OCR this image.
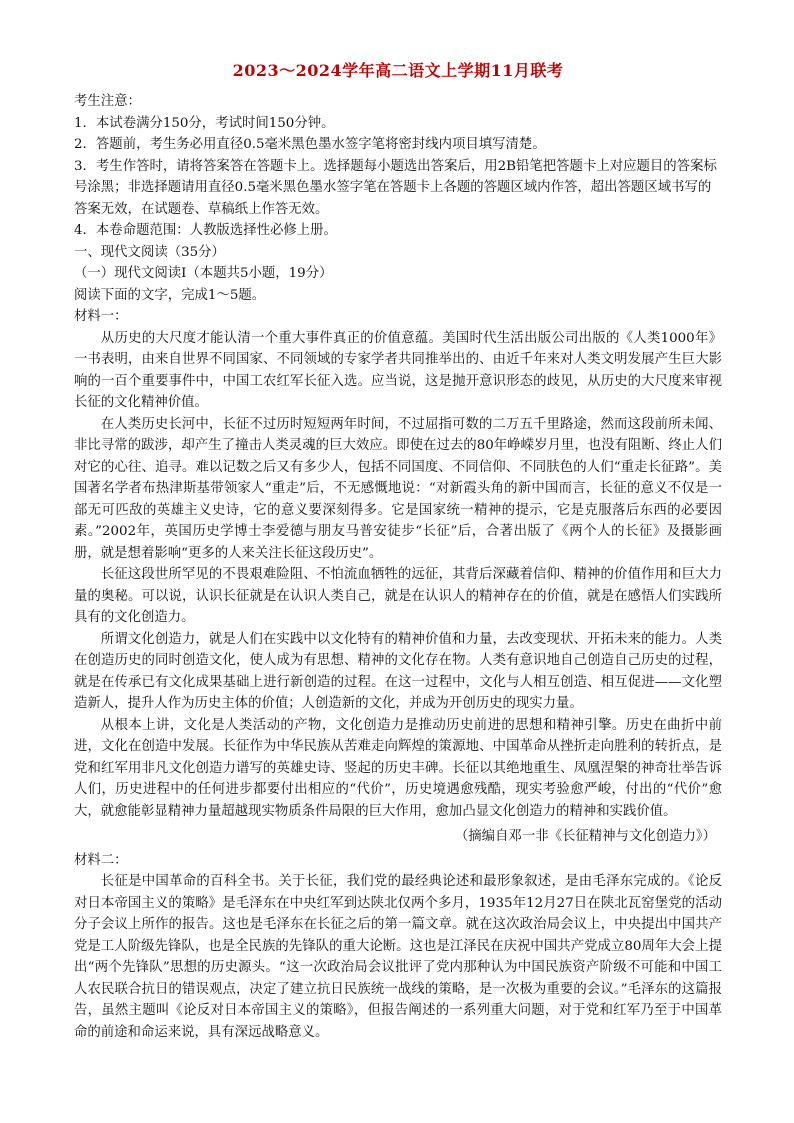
2023～2024学年高二语文上学期11月联考

考生注意：

1．本试卷满分150分，考试时间150分钟。

2．答题前，考生务必用直径0.5毫米黑色墨水签字笔将密封线内项目填写清楚。

3．考生作答时，请将答案答在答题卡上。选择题每小题选出答案后，用2B铅笔把答题卡上对应题目的答案标号涂黑；非选择题请用直径0.5毫米黑色墨水签字笔在答题卡上各题的答题区域内作答，超出答题区域书写的答案无效，在试题卷、草稿纸上作答无效。

4．本卷命题范围：人教版选择性必修上册。

一、现代文阅读（35分）

（一）现代文阅读Ⅰ（本题共5小题，19分）

阅读下面的文字，完成1～5题。

材料一：

从历史的大尺度才能认清一个重大事件真正的价值意蕴。美国时代生活出版公司出版的《人类1000年》一书表明，由来自世界不同国家、不同领域的专家学者共同推举出的、由近千年来对人类文明发展产生巨大影响的一百个重要事件中，中国工农红军长征入选。应当说，这是抛开意识形态的歧见，从历史的大尺度来审视长征的文化精神价值。

在人类历史长河中，长征不过历时短短两年时间，不过屈指可数的二万五千里路途，然而这段前所未闻、非比寻常的跋涉，却产生了撞击人类灵魂的巨大效应。即使在过去的80年峥嵘岁月里，也没有阻断、终止人们对它的心往、追寻。难以记数之后又有多少人，包括不同国度、不同信仰、不同肤色的人们“重走长征路”。美国著名学者布热津斯基带领家人“重走”后，不无感慨地说：“对新霞头角的新中国而言，长征的意义不仅是一部无可匹敌的英雄主义史诗，它的意义要深刻得多。它是国家统一精神的提示，它是克服落后东西的必要因素。”2002年，英国历史学博士李爱德与朋友马普安徒步“长征”后，合著出版了《两个人的长征》及摄影画册，就是想着影响“更多的人来关注长征这段历史”。

长征这段世所罕见的不畏艰难险阻、不怕流血牺牲的远征，其背后深藏着信仰、精神的价值作用和巨大力量的奥秘。可以说，认识长征就是在认识人类自己，就是在认识人的精神存在的价值，就是在感悟人们实践所具有的文化创造力。

所谓文化创造力，就是人们在实践中以文化特有的精神价值和力量，去改变现状、开拓未来的能力。人类在创造历史的同时创造文化，使人成为有思想、精神的文化存在物。人类有意识地自己创造自己历史的过程，就是在传承已有文化成果基础上进行新创造的过程。在这一过程中，文化与人相互创造、相互促进——文化塑造新人，提升人作为历史主体的价值；人创造新的文化，并成为开创历史的现实力量。

从根本上讲，文化是人类活动的产物，文化创造力是推动历史前进的思想和精神引擎。历史在曲折中前进，文化在创造中发展。长征作为中华民族从苦难走向辉煌的策源地、中国革命从挫折走向胜利的转折点，是党和红军用非凡文化创造力谱写的英雄史诗、竖起的历史丰碑。长征以其绝地重生、凤凰涅槃的神奇壮举告诉人们，历史进程中的任何进步都要付出相应的“代价”，历史境遇愈残酷，现实考验愈严峻，付出的“代价”愈大，就愈能彰显精神力量超越现实物质条件局限的巨大作用，愈加凸显文化创造力的精神和实践价值。

（摘编自邓一非《长征精神与文化创造力》）

材料二：

长征是中国革命的百科全书。关于长征，我们党的最经典论述和最形象叙述，是由毛泽东完成的。《论反对日本帝国主义的策略》是毛泽东在中央红军到达陕北仅两个多月，1935年12月27日在陕北瓦窑堡党的活动分子会议上所作的报告。这也是毛泽东在长征之后的第一篇文章。就在这次政治局会议上，中央提出中国共产党是工人阶级先锋队，也是全民族的先锋队的重大论断。这也是江泽民在庆祝中国共产党成立80周年大会上提出“两个先锋队”思想的历史源头。“这一次政治局会议批评了党内那种认为中国民族资产阶级不可能和中国工人农民联合抗日的错误观点，决定了建立抗日民族统一战线的策略，是一次极为重要的会议。”毛泽东的这篇报告，虽然主题叫《论反对日本帝国主义的策略》，但报告阐述的一系列重大问题，对于党和红军乃至于中国革命的前途和命运来说，具有深远战略意义。
